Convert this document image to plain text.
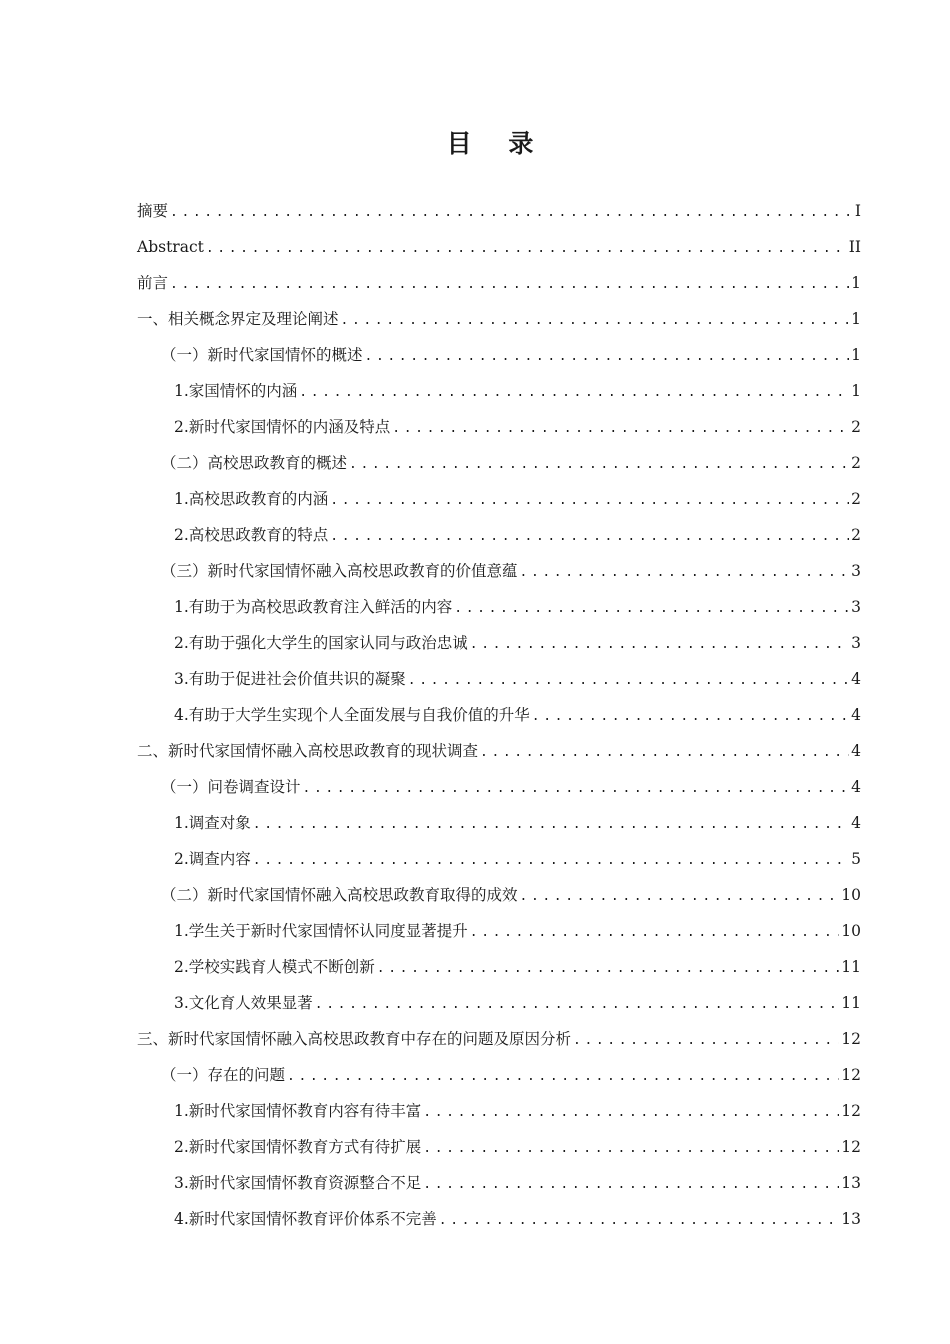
目 录
摘要 .....	I
Abstract .....	II
前言 .....	1
一、相关概念界定及理论阐述 .....	1
（一）新时代家国情怀的概述 .....	1
1.家国情怀的内涵 .....	1
2.新时代家国情怀的内涵及特点 .....	2
（二）高校思政教育的概述 .....	2
1.高校思政教育的内涵 .....	2
2.高校思政教育的特点 .....	2
（三）新时代家国情怀融入高校思政教育的价值意蕴 .....	3
1.有助于为高校思政教育注入鲜活的内容 .....	3
2.有助于强化大学生的国家认同与政治忠诚 .....	3
3.有助于促进社会价值共识的凝聚 .....	4
4.有助于大学生实现个人全面发展与自我价值的升华 .....	4
二、新时代家国情怀融入高校思政教育的现状调查 .....	4
（一）问卷调查设计 .....	4
1.调查对象 .....	4
2.调查内容 .....	5
（二）新时代家国情怀融入高校思政教育取得的成效 .....	10
1.学生关于新时代家国情怀认同度显著提升 .....	10
2.学校实践育人模式不断创新 .....	11
3.文化育人效果显著 .....	11
三、新时代家国情怀融入高校思政教育中存在的问题及原因分析 .....	12
（一）存在的问题 .....	12
1.新时代家国情怀教育内容有待丰富 .....	12
2.新时代家国情怀教育方式有待扩展 .....	12
3.新时代家国情怀教育资源整合不足 .....	13
4.新时代家国情怀教育评价体系不完善 .....	13
